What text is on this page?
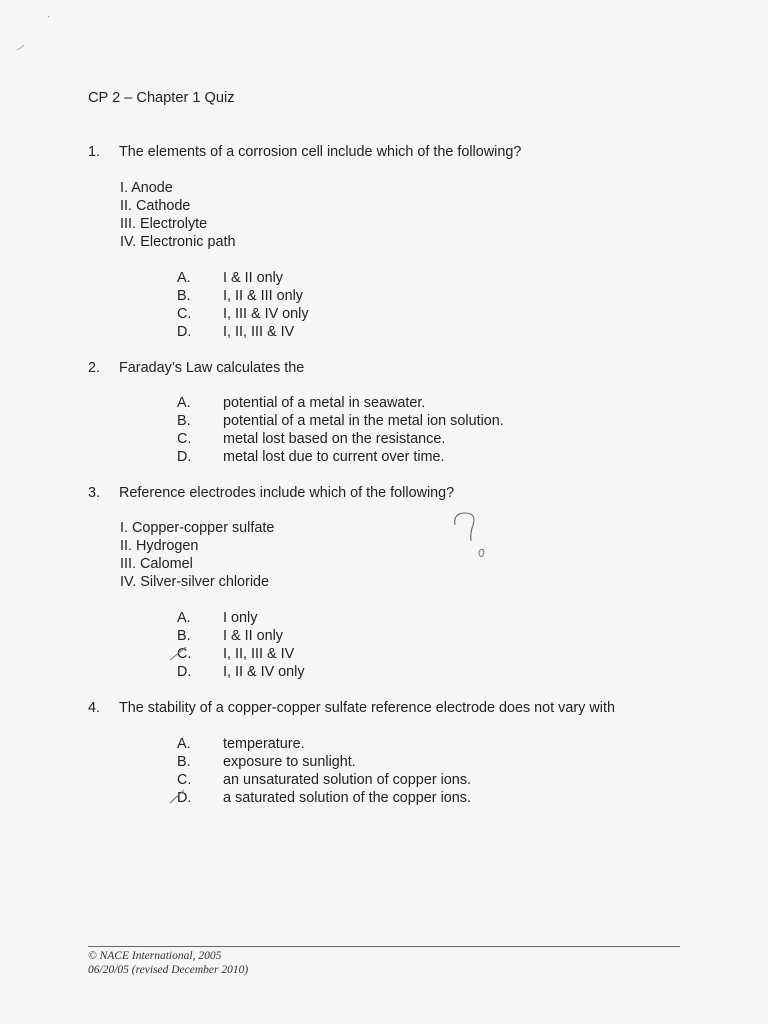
CP 2 – Chapter 1 Quiz
1. The elements of a corrosion cell include which of the following?
I. Anode
II. Cathode
III. Electrolyte
IV. Electronic path
A. I & II only
B. I, II & III only
C. I, III & IV only
D. I, II, III & IV
2. Faraday’s Law calculates the
A. potential of a metal in seawater.
B. potential of a metal in the metal ion solution.
C. metal lost based on the resistance.
D. metal lost due to current over time.
3. Reference electrodes include which of the following?
I. Copper-copper sulfate
II. Hydrogen
III. Calomel
IV. Silver-silver chloride
A. I only
B. I & II only
C. I, II, III & IV
D. I, II & IV only
4. The stability of a copper-copper sulfate reference electrode does not vary with
A. temperature.
B. exposure to sunlight.
C. an unsaturated solution of copper ions.
D. a saturated solution of the copper ions.
© NACE International, 2005
06/20/05 (revised December 2010)
